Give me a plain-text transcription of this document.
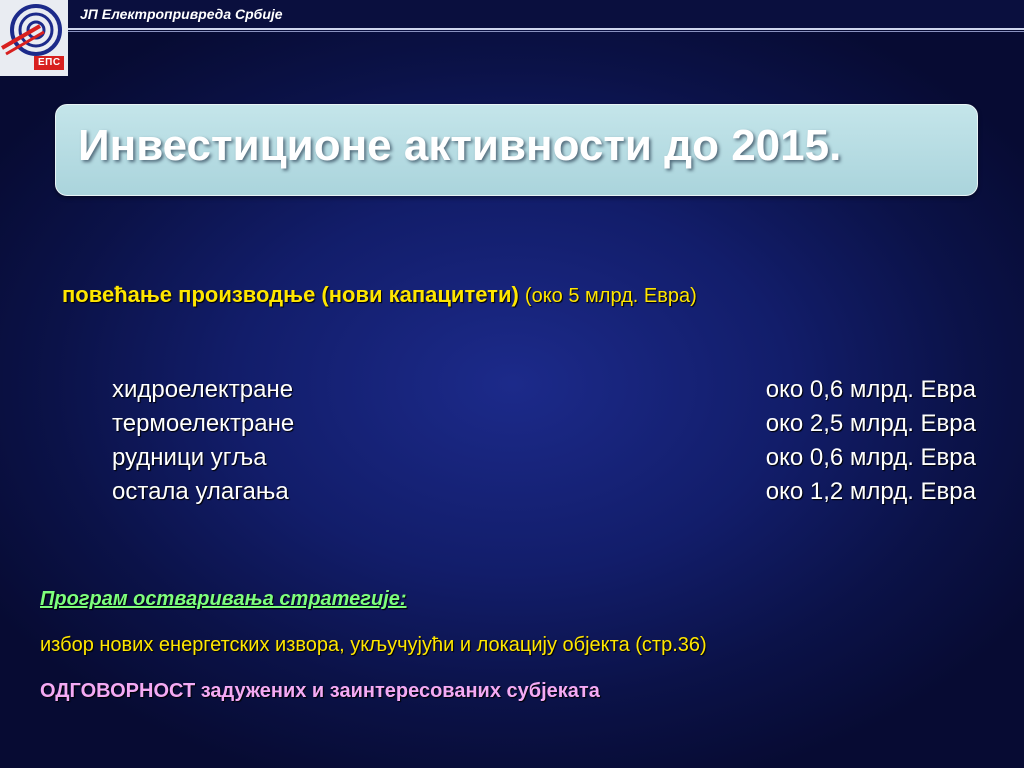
ЕПС
ЈП Електропривреда Србије
Инвестиционе активности до 2015.
повећање производње (нови капацитети) (око 5 млрд. Евра)
хидроелектране	око 0,6 млрд. Евра
термоелектране	око 2,5 млрд. Евра
рудници угља	око 0,6 млрд. Евра
остала улагања	око 1,2 млрд. Евра
Програм остваривања стратегије:
избор нових енергетских извора, укључујући и локацију објекта (стр.36)
ОДГОВОРНОСТ задужених и заинтересованих субјеката
